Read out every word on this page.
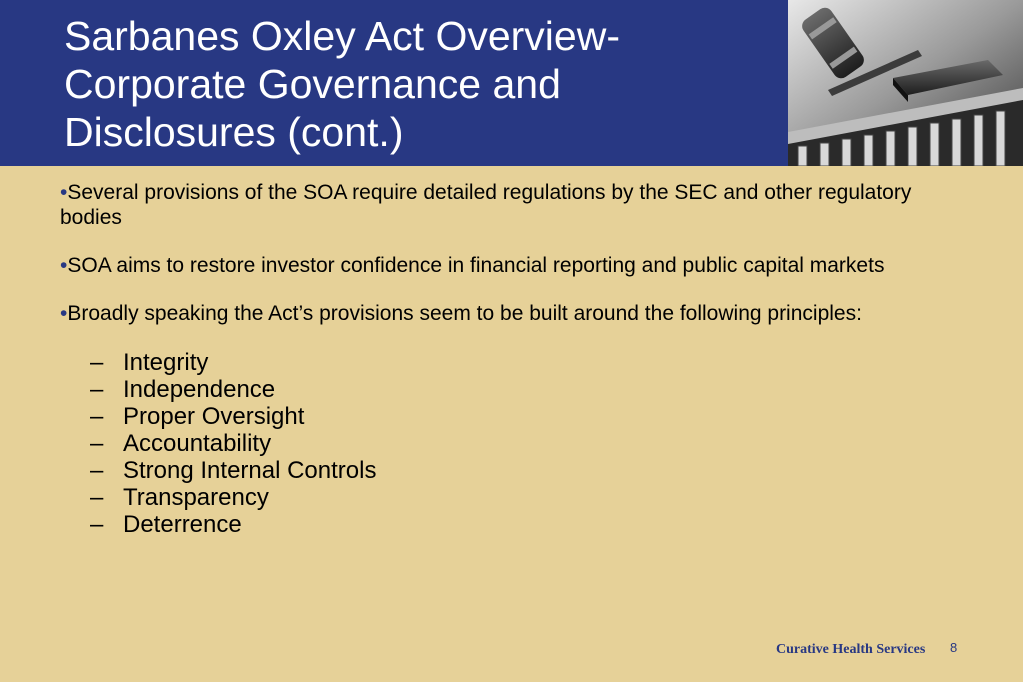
Sarbanes Oxley Act Overview-
Corporate Governance and
Disclosures (cont.)

•Several provisions of the SOA require detailed regulations by the SEC and other regulatory bodies

•SOA aims to restore investor confidence in financial reporting and public capital markets

•Broadly speaking the Act’s provisions seem to be built around the following principles:

– Integrity
– Independence
– Proper Oversight
– Accountability
– Strong Internal Controls
– Transparency
– Deterrence
Curative Health Services 8
